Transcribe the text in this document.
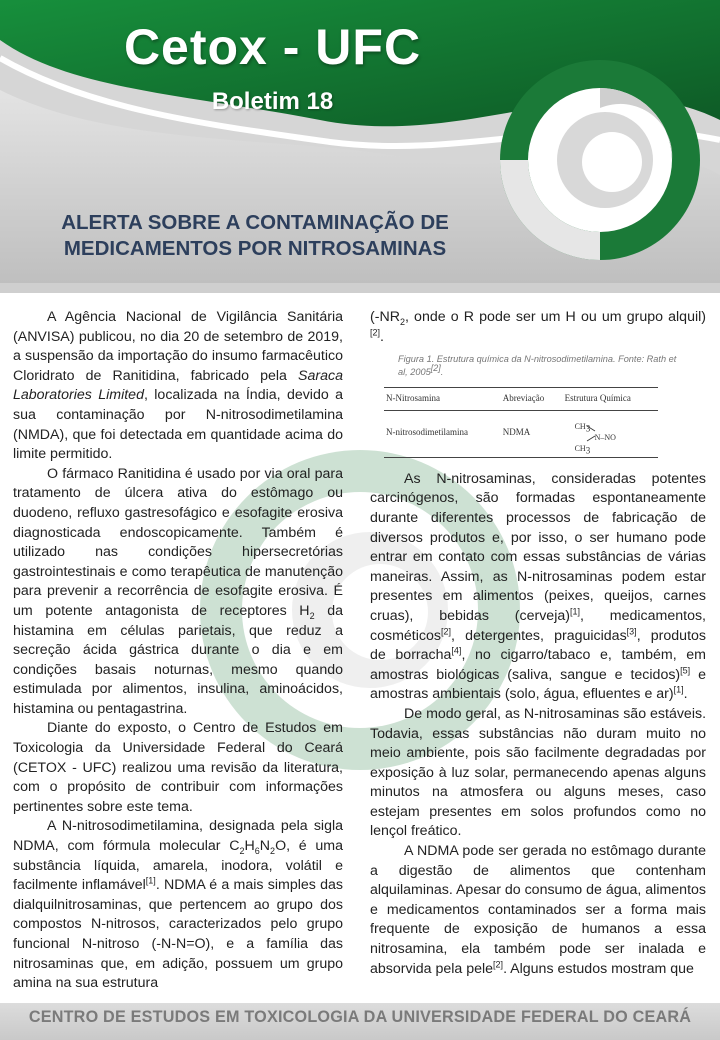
Cetox - UFC
Boletim 18
ALERTA SOBRE A CONTAMINAÇÃO DE
MEDICAMENTOS POR NITROSAMINAS

A Agência Nacional de Vigilância Sanitária (ANVISA) publicou, no dia 20 de setembro de 2019, a suspensão da importação do insumo farmacêutico Cloridrato de Ranitidina, fabricado pela Saraca Laboratories Limited, localizada na Índia, devido a sua contaminação por N-nitrosodimetilamina (NMDA), que foi detectada em quantidade acima do limite permitido.

O fármaco Ranitidina é usado por via oral para tratamento de úlcera ativa do estômago ou duodeno, refluxo gastresofágico e esofagite erosiva diagnosticada endoscopicamente. Também é utilizado nas condições hipersecretórias gastrointestinais e como terapêutica de manutenção para prevenir a recorrência de esofagite erosiva. É um potente antagonista de receptores $H_2$ da histamina em células parietais, que reduz a secreção ácida gástrica durante o dia e em condições basais noturnas, mesmo quando estimulada por alimentos, insulina, aminoácidos, histamina ou pentagastrina.

Diante do exposto, o Centro de Estudos em Toxicologia da Universidade Federal do Ceará (CETOX - UFC) realizou uma revisão da literatura, com o propósito de contribuir com informações pertinentes sobre este tema.

A N-nitrosodimetilamina, designada pela sigla NDMA, com fórmula molecular $C_2H_6N_2O$, é uma substância líquida, amarela, inodora, volátil e facilmente inflamável[1]. NDMA é a mais simples das dialquilnitrosaminas, que pertencem ao grupo dos compostos N-nitrosos, caracterizados pelo grupo funcional N-nitroso (-N-N=O), e a família das nitrosaminas que, em adição, possuem um grupo amina na sua estrutura

($-NR_2$, onde o R pode ser um H ou um grupo alquil)[2].

Figura 1. Estrutura química da N-nitrosodimetilamina. Fonte: Rath et al, 2005[2].
N-Nitrosamina	Abreviação	Estrutura Química
N-nitrosodimetilamina	NDMA	$CH_3$
N–NO
$CH_3$

As N-nitrosaminas, consideradas potentes carcinógenos, são formadas espontaneamente durante diferentes processos de fabricação de diversos produtos e, por isso, o ser humano pode entrar em contato com essas substâncias de várias maneiras. Assim, as N-nitrosaminas podem estar presentes em alimentos (peixes, queijos, carnes cruas), bebidas (cerveja)[1], medicamentos, cosméticos[2], detergentes, praguicidas[3], produtos de borracha[4], no cigarro/tabaco e, também, em amostras biológicas (saliva, sangue e tecidos)[5] e amostras ambientais (solo, água, efluentes e ar)[1].

De modo geral, as N-nitrosaminas são estáveis. Todavia, essas substâncias não duram muito no meio ambiente, pois são facilmente degradadas por exposição à luz solar, permanecendo apenas alguns minutos na atmosfera ou alguns meses, caso estejam presentes em solos profundos como no lençol freático.

A NDMA pode ser gerada no estômago durante a digestão de alimentos que contenham alquilaminas. Apesar do consumo de água, alimentos e medicamentos contaminados ser a forma mais frequente de exposição de humanos a essa nitrosamina, ela também pode ser inalada e absorvida pela pele[2]. Alguns estudos mostram que

CENTRO DE ESTUDOS EM TOXICOLOGIA DA UNIVERSIDADE FEDERAL DO CEARÁ
